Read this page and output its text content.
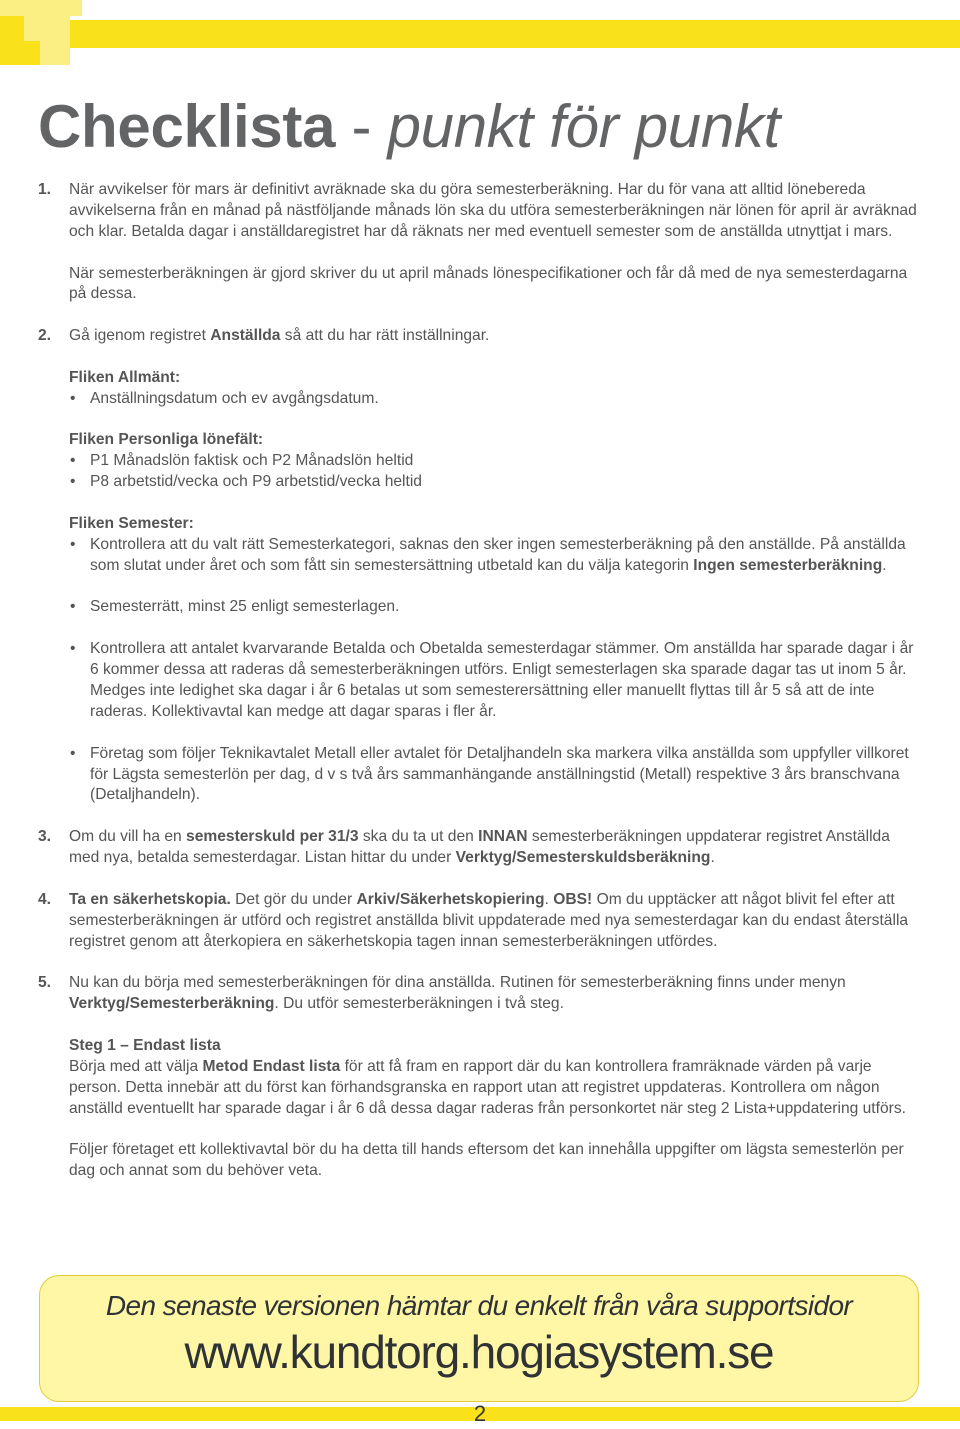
Checklista - punkt för punkt
1. När avvikelser för mars är definitivt avräknade ska du göra semesterberäkning. Har du för vana att alltid lönebereda avvikelserna från en månad på nästföljande månads lön ska du utföra semesterberäkningen när lönen för april är avräknad och klar. Betalda dagar i anställdaregistret har då räknats ner med eventuell semester som de anställda utnyttjat i mars.

När semesterberäkningen är gjord skriver du ut april månads lönespecifikationer och får då med de nya semesterdagarna på dessa.

2. Gå igenom registret Anställda så att du har rätt inställningar.

Fliken Allmänt:

• Anställningsdatum och ev avgångsdatum.

Fliken Personliga lönefält:

• P1 Månadslön faktisk och P2 Månadslön heltid
• P8 arbetstid/vecka och P9 arbetstid/vecka heltid

Fliken Semester:

• Kontrollera att du valt rätt Semesterkategori, saknas den sker ingen semesterberäkning på den anställde. På anställda som slutat under året och som fått sin semestersättning utbetald kan du välja kategorin Ingen semesterberäkning.
• Semesterrätt, minst 25 enligt semesterlagen.
• Kontrollera att antalet kvarvarande Betalda och Obetalda semesterdagar stämmer. Om anställda har sparade dagar i år 6 kommer dessa att raderas då semesterberäkningen utförs. Enligt semesterlagen ska sparade dagar tas ut inom 5 år. Medges inte ledighet ska dagar i år 6 betalas ut som semesterersättning eller manuellt flyttas till år 5 så att de inte raderas. Kollektivavtal kan medge att dagar sparas i fler år.
• Företag som följer Teknikavtalet Metall eller avtalet för Detaljhandeln ska markera vilka anställda som uppfyller villkoret för Lägsta semesterlön per dag, d v s två års sammanhängande anställningstid (Metall) respektive 3 års branschvana (Detaljhandeln).
3. Om du vill ha en semesterskuld per 31/3 ska du ta ut den INNAN semesterberäkningen uppdaterar registret Anställda med nya, betalda semesterdagar. Listan hittar du under Verktyg/Semesterskuldsberäkning.

4. Ta en säkerhetskopia. Det gör du under Arkiv/Säkerhetskopiering. OBS! Om du upptäcker att något blivit fel efter att semesterberäkningen är utförd och registret anställda blivit uppdaterade med nya semesterdagar kan du endast återställa registret genom att återkopiera en säkerhetskopia tagen innan semesterberäkningen utfördes.

5. Nu kan du börja med semesterberäkningen för dina anställda. Rutinen för semesterberäkning finns under menyn Verktyg/Semesterberäkning. Du utför semesterberäkningen i två steg.

Steg 1 – Endast lista

Börja med att välja Metod Endast lista för att få fram en rapport där du kan kontrollera framräknade värden på varje person. Detta innebär att du först kan förhandsgranska en rapport utan att registret uppdateras. Kontrollera om någon anställd eventuellt har sparade dagar i år 6 då dessa dagar raderas från personkortet när steg 2 Lista+uppdatering utförs.

Följer företaget ett kollektivavtal bör du ha detta till hands eftersom det kan innehålla uppgifter om lägsta semesterlön per dag och annat som du behöver veta.

Den senaste versionen hämtar du enkelt från våra supportsidor
www.kundtorg.hogiasystem.se
2
